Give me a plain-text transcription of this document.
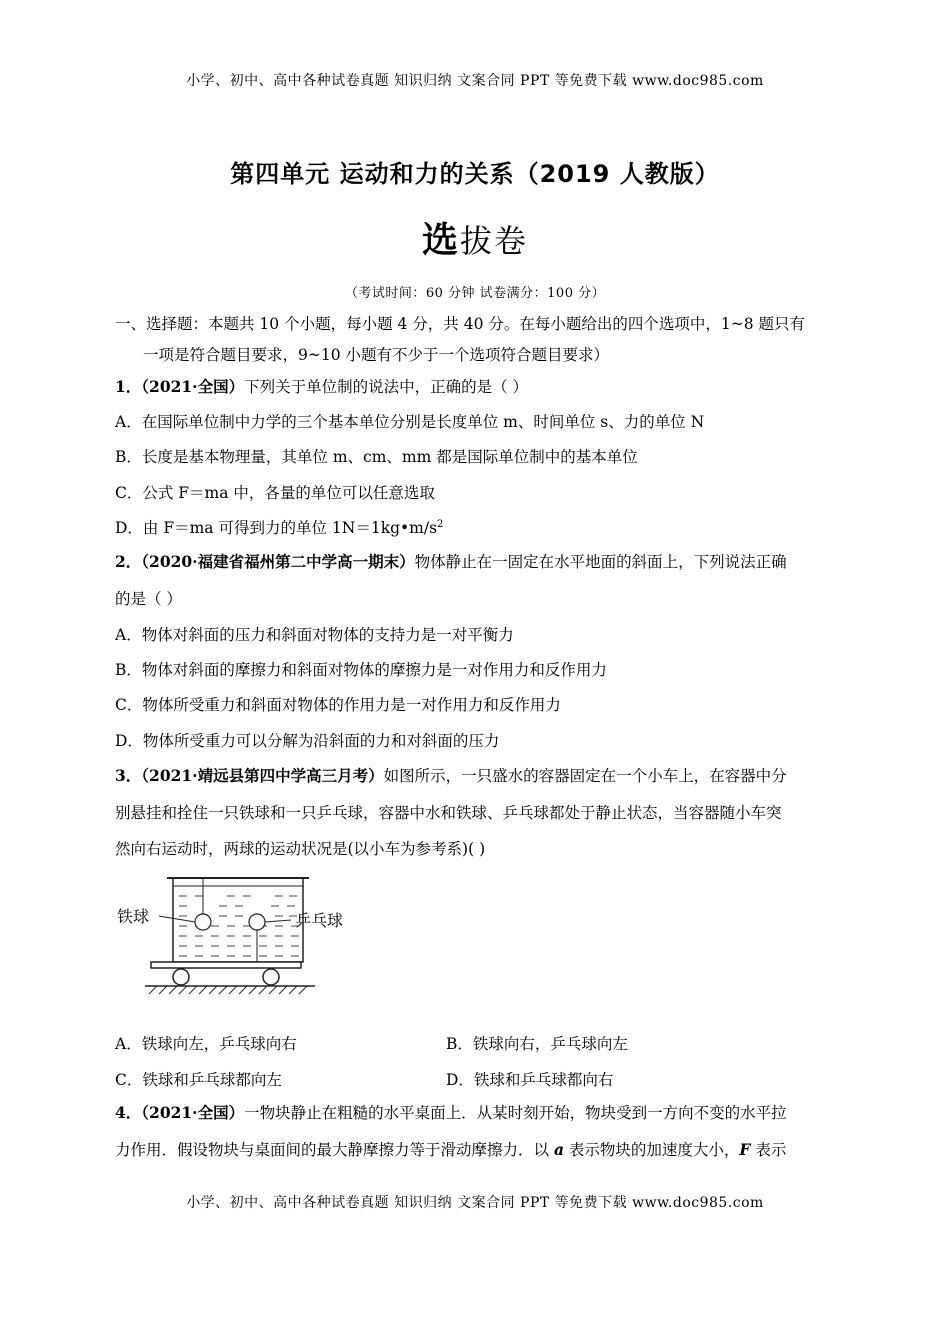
小学、初中、高中各种试卷真题 知识归纳 文案合同 PPT 等免费下载 www.doc985.com
第四单元 运动和力的关系（2019 人教版）
选拔卷
（考试时间：60 分钟 试卷满分：100 分）
一、选择题：本题共 10 个小题，每小题 4 分，共 40 分。在每小题给出的四个选项中，1~8 题只有
一项是符合题目要求，9~10 小题有不少于一个选项符合题目要求）
1．（2021·全国）下列关于单位制的说法中，正确的是（ ）
A．在国际单位制中力学的三个基本单位分别是长度单位 m、时间单位 s、力的单位 N
B．长度是基本物理量，其单位 m、cm、mm 都是国际单位制中的基本单位
C．公式 F＝ma 中，各量的单位可以任意选取
D．由 F＝ma 可得到力的单位 $1N=1kg•m/s^2$
2．（2020·福建省福州第二中学高一期末）物体静止在一固定在水平地面的斜面上，下列说法正确
的是（ ）
A．物体对斜面的压力和斜面对物体的支持力是一对平衡力
B．物体对斜面的摩擦力和斜面对物体的摩擦力是一对作用力和反作用力
C．物体所受重力和斜面对物体的作用力是一对作用力和反作用力
D．物体所受重力可以分解为沿斜面的力和对斜面的压力
3．（2021·靖远县第四中学高三月考）如图所示，一只盛水的容器固定在一个小车上，在容器中分
别悬挂和拴住一只铁球和一只乒乓球，容器中水和铁球、乒乓球都处于静止状态，当容器随小车突
然向右运动时，两球的运动状况是(以小车为参考系)( )
铁球	乒乓球
A．铁球向左，乒乓球向右	B．铁球向右，乒乓球向左
C．铁球和乒乓球都向左	D．铁球和乒乓球都向右
4．（2021·全国）一物块静止在粗糙的水平桌面上．从某时刻开始，物块受到一方向不变的水平拉
力作用．假设物块与桌面间的最大静摩擦力等于滑动摩擦力．以 a 表示物块的加速度大小，F 表示
小学、初中、高中各种试卷真题 知识归纳 文案合同 PPT 等免费下载 www.doc985.com
